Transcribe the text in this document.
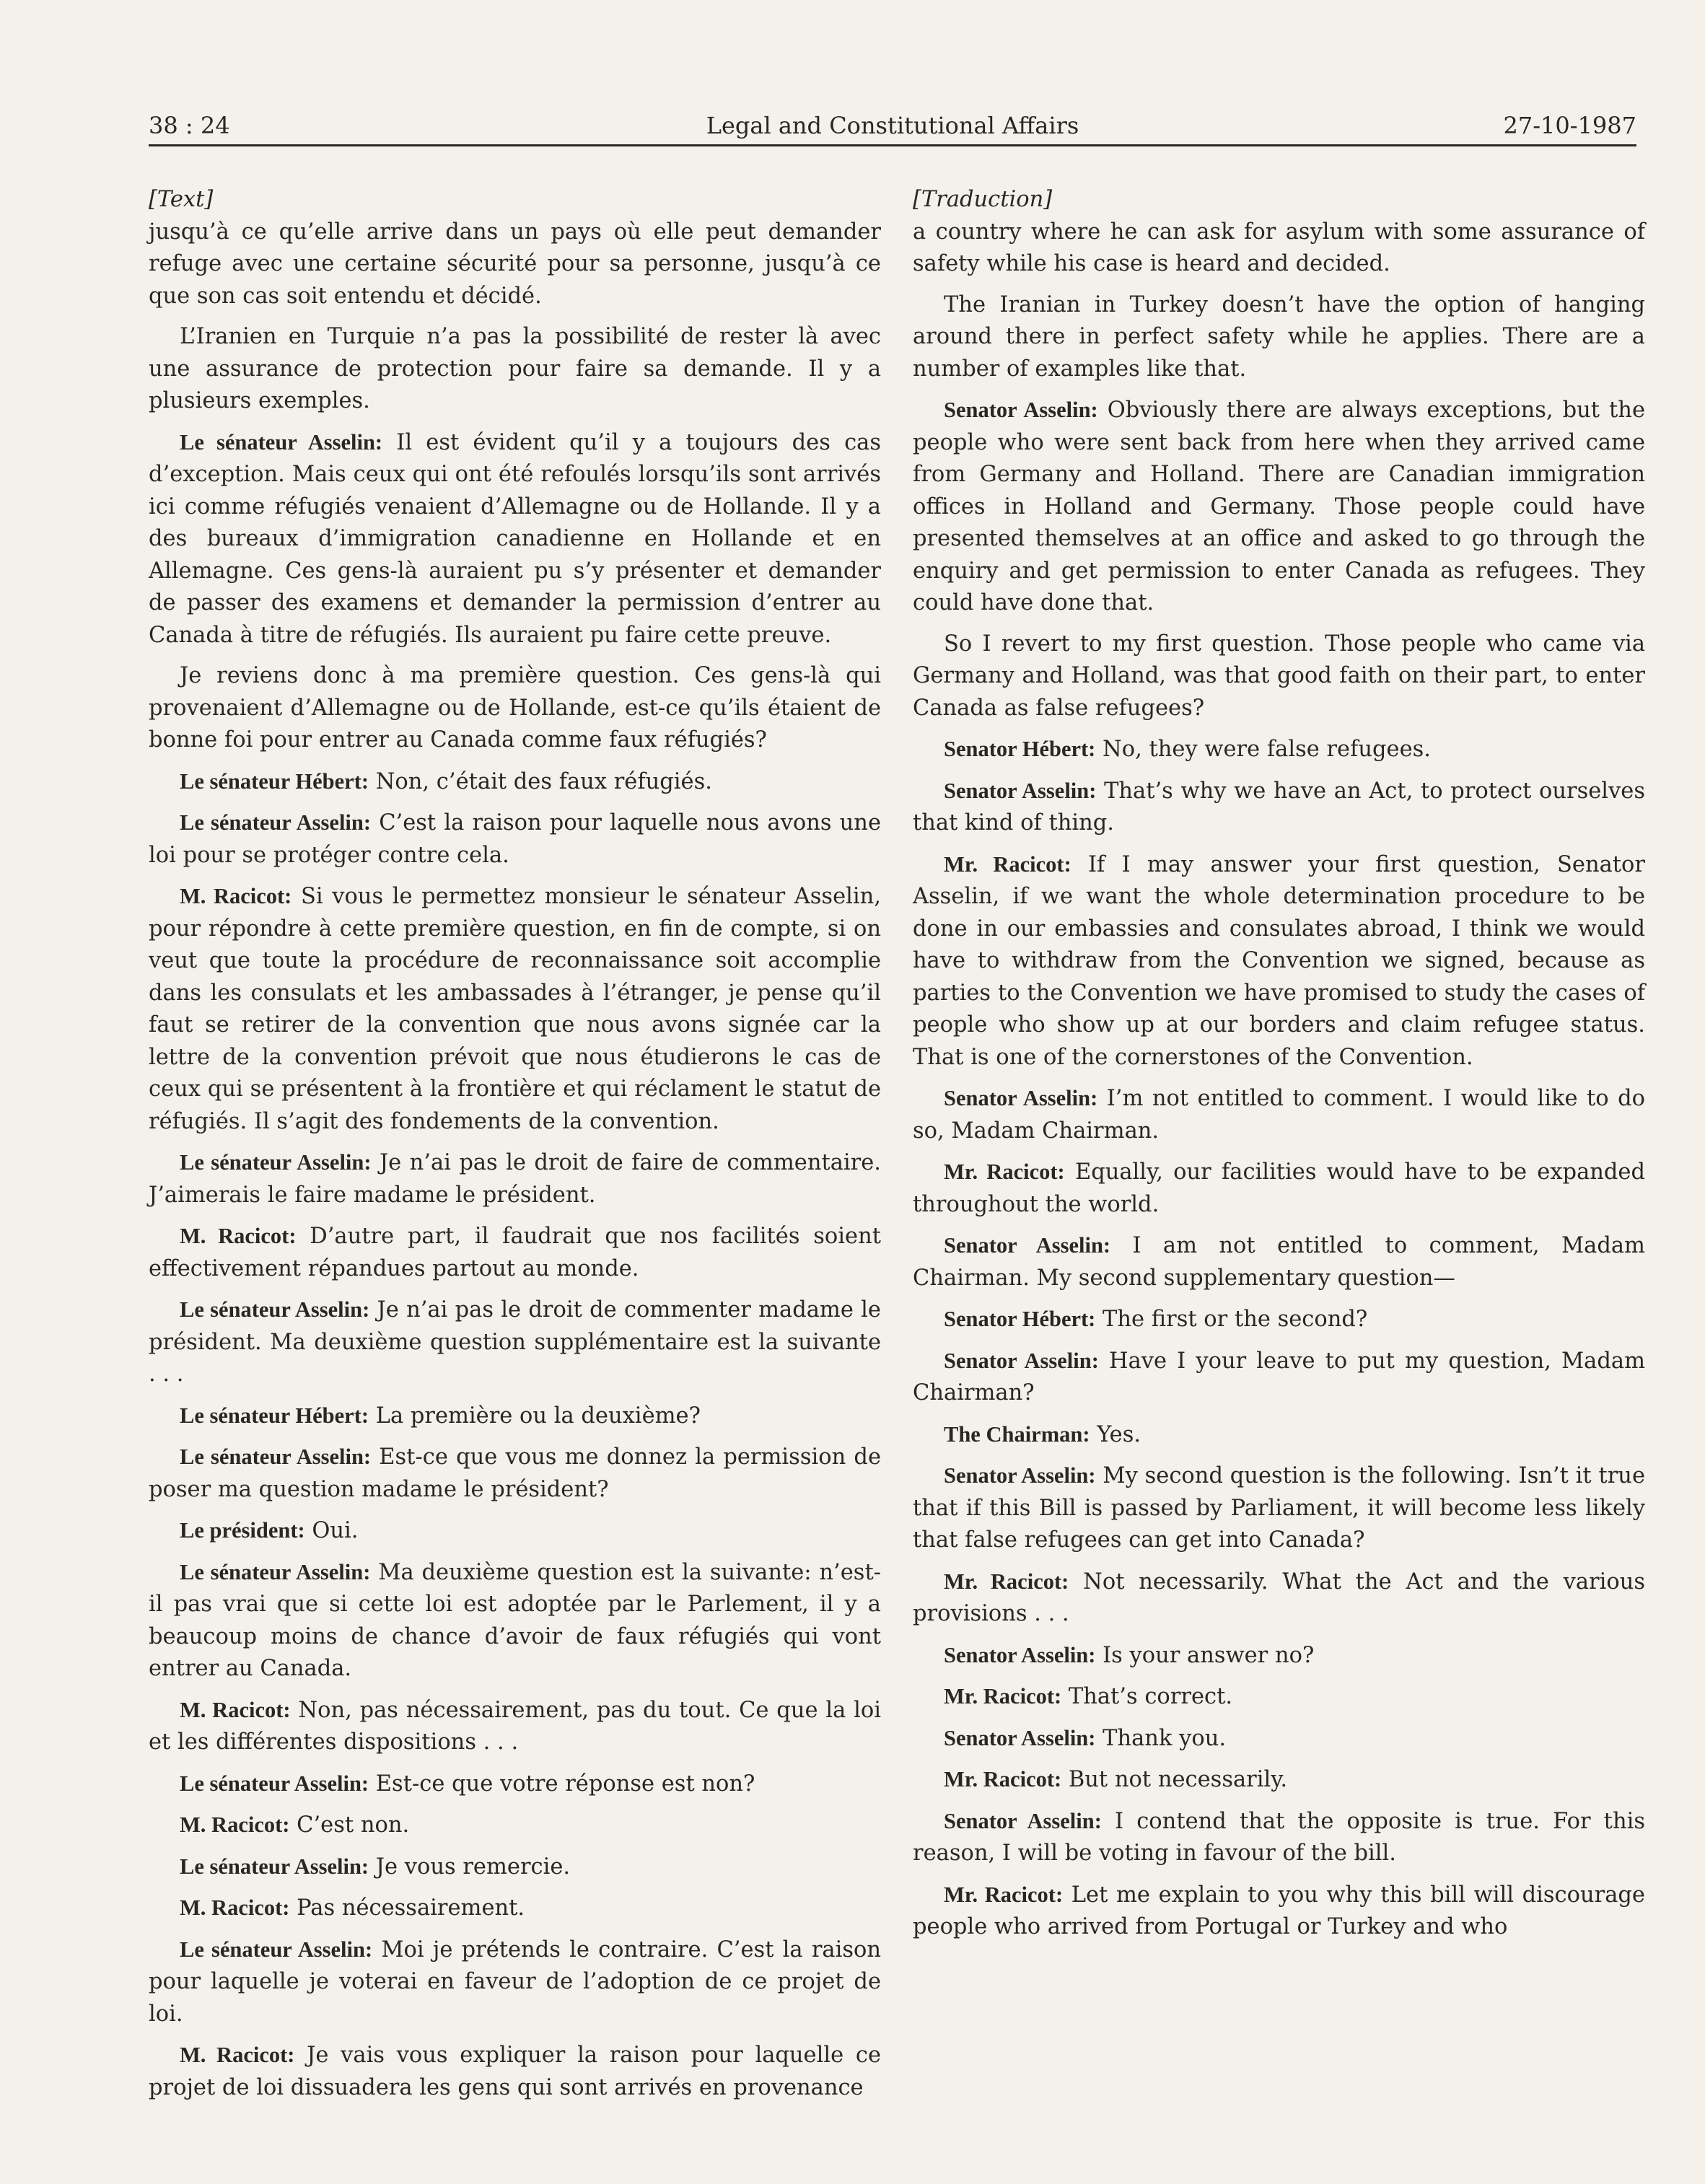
38 : 24	Legal and Constitutional Affairs	27-10-1987

[Text]

jusqu’à ce qu’elle arrive dans un pays où elle peut demander refuge avec une certaine sécurité pour sa personne, jusqu’à ce que son cas soit entendu et décidé.

L’Iranien en Turquie n’a pas la possibilité de rester là avec une assurance de protection pour faire sa demande. Il y a plusieurs exemples.

Le sénateur Asselin: Il est évident qu’il y a toujours des cas d’exception. Mais ceux qui ont été refoulés lorsqu’ils sont arrivés ici comme réfugiés venaient d’Allemagne ou de Hollande. Il y a des bureaux d’immigration canadienne en Hollande et en Allemagne. Ces gens-là auraient pu s’y présenter et demander de passer des examens et demander la permission d’entrer au Canada à titre de réfugiés. Ils auraient pu faire cette preuve.

Je reviens donc à ma première question. Ces gens-là qui provenaient d’Allemagne ou de Hollande, est-ce qu’ils étaient de bonne foi pour entrer au Canada comme faux réfugiés?

Le sénateur Hébert: Non, c’était des faux réfugiés.

Le sénateur Asselin: C’est la raison pour laquelle nous avons une loi pour se protéger contre cela.

M. Racicot: Si vous le permettez monsieur le sénateur Asselin, pour répondre à cette première question, en fin de compte, si on veut que toute la procédure de reconnaissance soit accomplie dans les consulats et les ambassades à l’étranger, je pense qu’il faut se retirer de la convention que nous avons signée car la lettre de la convention prévoit que nous étudierons le cas de ceux qui se présentent à la frontière et qui réclament le statut de réfugiés. Il s’agit des fondements de la convention.

Le sénateur Asselin: Je n’ai pas le droit de faire de commentaire. J’aimerais le faire madame le président.

M. Racicot: D’autre part, il faudrait que nos facilités soient effectivement répandues partout au monde.

Le sénateur Asselin: Je n’ai pas le droit de commenter madame le président. Ma deuxième question supplémentaire est la suivante . . .

Le sénateur Hébert: La première ou la deuxième?

Le sénateur Asselin: Est-ce que vous me donnez la permission de poser ma question madame le président?

Le président: Oui.

Le sénateur Asselin: Ma deuxième question est la suivante: n’est-il pas vrai que si cette loi est adoptée par le Parlement, il y a beaucoup moins de chance d’avoir de faux réfugiés qui vont entrer au Canada.

M. Racicot: Non, pas nécessairement, pas du tout. Ce que la loi et les différentes dispositions . . .

Le sénateur Asselin: Est-ce que votre réponse est non?

M. Racicot: C’est non.

Le sénateur Asselin: Je vous remercie.

M. Racicot: Pas nécessairement.

Le sénateur Asselin: Moi je prétends le contraire. C’est la raison pour laquelle je voterai en faveur de l’adoption de ce projet de loi.

M. Racicot: Je vais vous expliquer la raison pour laquelle ce projet de loi dissuadera les gens qui sont arrivés en provenance

[Traduction]

a country where he can ask for asylum with some assurance of safety while his case is heard and decided.

The Iranian in Turkey doesn’t have the option of hanging around there in perfect safety while he applies. There are a number of examples like that.

Senator Asselin: Obviously there are always exceptions, but the people who were sent back from here when they arrived came from Germany and Holland. There are Canadian immigration offices in Holland and Germany. Those people could have presented themselves at an office and asked to go through the enquiry and get permission to enter Canada as refugees. They could have done that.

So I revert to my first question. Those people who came via Germany and Holland, was that good faith on their part, to enter Canada as false refugees?

Senator Hébert: No, they were false refugees.

Senator Asselin: That’s why we have an Act, to protect ourselves that kind of thing.

Mr. Racicot: If I may answer your first question, Senator Asselin, if we want the whole determination procedure to be done in our embassies and consulates abroad, I think we would have to withdraw from the Convention we signed, because as parties to the Convention we have promised to study the cases of people who show up at our borders and claim refugee status. That is one of the cornerstones of the Convention.

Senator Asselin: I’m not entitled to comment. I would like to do so, Madam Chairman.

Mr. Racicot: Equally, our facilities would have to be expanded throughout the world.

Senator Asselin: I am not entitled to comment, Madam Chairman. My second supplementary question—

Senator Hébert: The first or the second?

Senator Asselin: Have I your leave to put my question, Madam Chairman?

The Chairman: Yes.

Senator Asselin: My second question is the following. Isn’t it true that if this Bill is passed by Parliament, it will become less likely that false refugees can get into Canada?

Mr. Racicot: Not necessarily. What the Act and the various provisions . . .

Senator Asselin: Is your answer no?

Mr. Racicot: That’s correct.

Senator Asselin: Thank you.

Mr. Racicot: But not necessarily.

Senator Asselin: I contend that the opposite is true. For this reason, I will be voting in favour of the bill.

Mr. Racicot: Let me explain to you why this bill will discourage people who arrived from Portugal or Turkey and who
